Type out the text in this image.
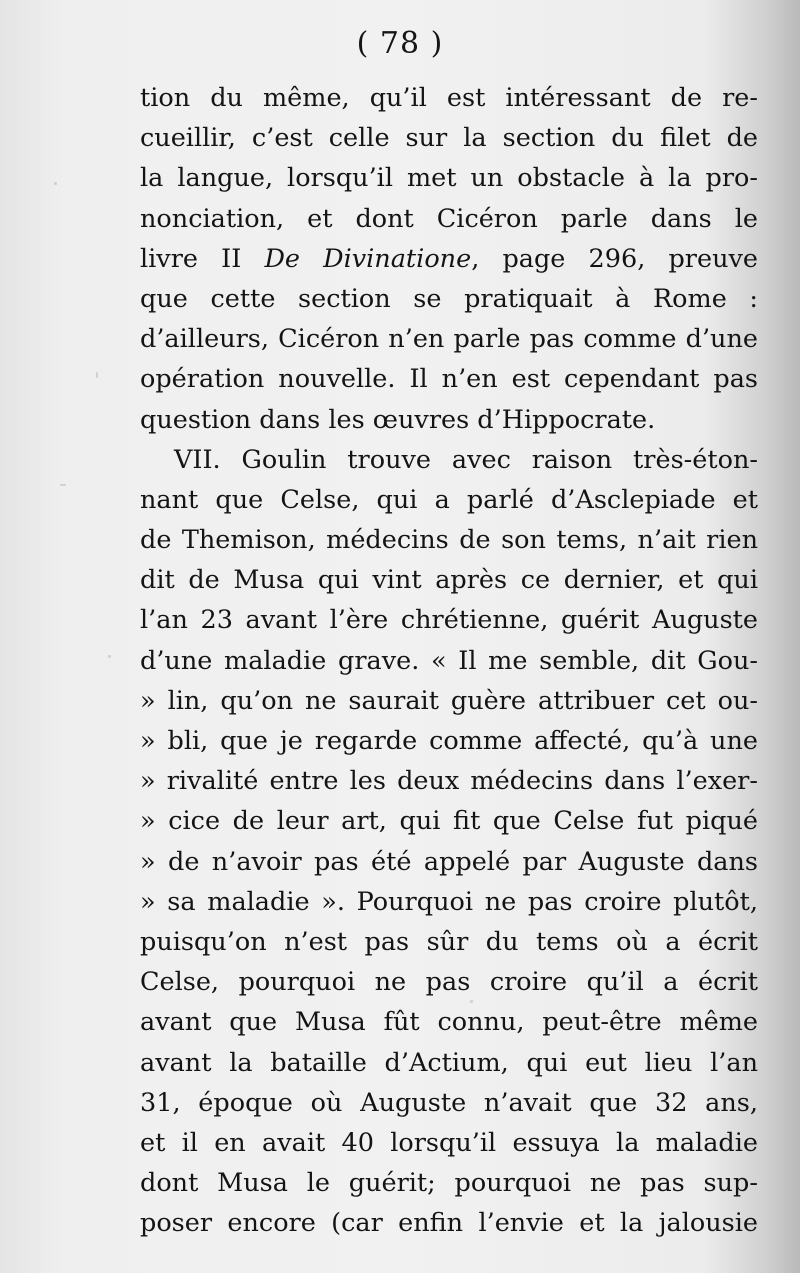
( 78 )
tion du même, qu’il est intéressant de re-
cueillir, c’est celle sur la section du filet de
la langue, lorsqu’il met un obstacle à la pro-
nonciation, et dont Cicéron parle dans le
livre II De Divinatione, page 296, preuve
que cette section se pratiquait à Rome :
d’ailleurs, Cicéron n’en parle pas comme d’une
opération nouvelle. Il n’en est cependant pas
question dans les œuvres d’Hippocrate.
VII. Goulin trouve avec raison très-éton-
nant que Celse, qui a parlé d’Asclepiade et
de Themison, médecins de son tems, n’ait rien
dit de Musa qui vint après ce dernier, et qui
l’an 23 avant l’ère chrétienne, guérit Auguste
d’une maladie grave. « Il me semble, dit Gou-
» lin, qu’on ne saurait guère attribuer cet ou-
» bli, que je regarde comme affecté, qu’à une
» rivalité entre les deux médecins dans l’exer-
» cice de leur art, qui fit que Celse fut piqué
» de n’avoir pas été appelé par Auguste dans
» sa maladie ». Pourquoi ne pas croire plutôt,
puisqu’on n’est pas sûr du tems où a écrit
Celse, pourquoi ne pas croire qu’il a écrit
avant que Musa fût connu, peut-être même
avant la bataille d’Actium, qui eut lieu l’an
31, époque où Auguste n’avait que 32 ans,
et il en avait 40 lorsqu’il essuya la maladie
dont Musa le guérit; pourquoi ne pas sup-
poser encore (car enfin l’envie et la jalousie
